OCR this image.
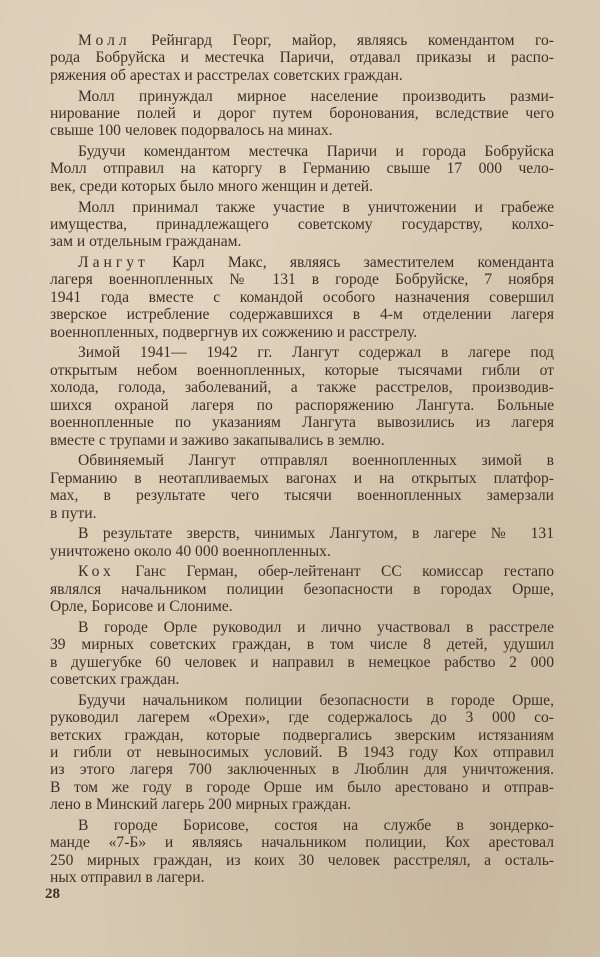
Молл Рейнгард Георг, майор, являясь комендантом го-
рода Бобруйска и местечка Паричи, отдавал приказы и распо-
ряжения об арестах и расстрелах советских граждан.
Молл принуждал мирное население производить разми-
нирование полей и дорог путем боронования, вследствие чего
свыше 100 человек подорвалось на минах.
Будучи комендантом местечка Паричи и города Бобруйска
Молл отправил на каторгу в Германию свыше 17 000 чело-
век, среди которых было много женщин и детей.
Молл принимал также участие в уничтожении и грабеже
имущества, принадлежащего советскому государству, колхо-
зам и отдельным гражданам.
Лангут Карл Макс, являясь заместителем коменданта
лагеря военнопленных № 131 в городе Бобруйске, 7 ноября
1941 года вместе с командой особого назначения совершил
зверское истребление содержавшихся в 4-м отделении лагеря
военнопленных, подвергнув их сожжению и расстрелу.
Зимой 1941— 1942 гг. Лангут содержал в лагере под
открытым небом военнопленных, которые тысячами гибли от
холода, голода, заболеваний, а также расстрелов, производив-
шихся охраной лагеря по распоряжению Лангута. Больные
военнопленные по указаниям Лангута вывозились из лагеря
вместе с трупами и заживо закапывались в землю.
Обвиняемый Лангут отправлял военнопленных зимой в
Германию в неотапливаемых вагонах и на открытых платфор-
мах, в результате чего тысячи военнопленных замерзали
в пути.
В результате зверств, чинимых Лангутом, в лагере № 131
уничтожено около 40 000 военнопленных.
Кох Ганс Герман, обер-лейтенант СС комиссар гестапо
являлся начальником полиции безопасности в городах Орше,
Орле, Борисове и Слониме.
В городе Орле руководил и лично участвовал в расстреле
39 мирных советских граждан, в том числе 8 детей, удушил
в душегубке 60 человек и направил в немецкое рабство 2 000
советских граждан.
Будучи начальником полиции безопасности в городе Орше,
руководил лагерем «Орехи», где содержалось до 3 000 со-
ветских граждан, которые подвергались зверским истязаниям
и гибли от невыносимых условий. В 1943 году Кох отправил
из этого лагеря 700 заключенных в Люблин для уничтожения.
В том же году в городе Орше им было арестовано и отправ-
лено в Минский лагерь 200 мирных граждан.
В городе Борисове, состоя на службе в зондерко-
манде «7-Б» и являясь начальником полиции, Кох арестовал
250 мирных граждан, из коих 30 человек расстрелял, а осталь-
ных отправил в лагери.
28
